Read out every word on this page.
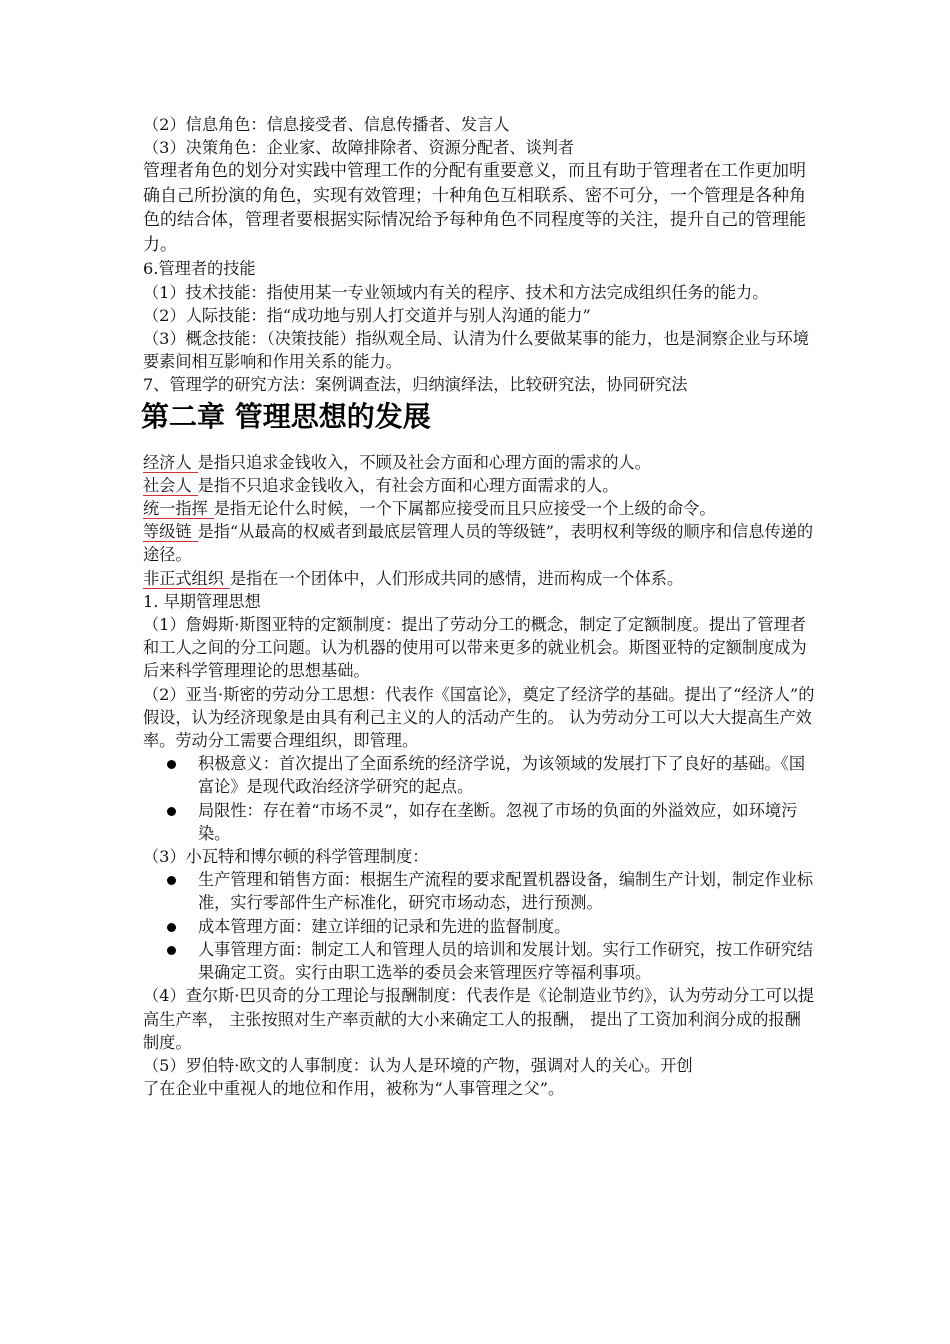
（2）信息角色：信息接受者、信息传播者、发言人

（3）决策角色：企业家、故障排除者、资源分配者、谈判者

管理者角色的划分对实践中管理工作的分配有重要意义，而且有助于管理者在工作更加明确自己所扮演的角色，实现有效管理；十种角色互相联系、密不可分，一个管理是各种角色的结合体，管理者要根据实际情况给予每种角色不同程度等的关注，提升自己的管理能力。

6.管理者的技能

（1）技术技能：指使用某一专业领域内有关的程序、技术和方法完成组织任务的能力。

（2）人际技能：指“成功地与别人打交道并与别人沟通的能力”

（3）概念技能：（决策技能）指纵观全局、认清为什么要做某事的能力，也是洞察企业与环境要素间相互影响和作用关系的能力。

7、管理学的研究方法：案例调查法，归纳演绎法，比较研究法，协同研究法

第二章 管理思想的发展

经济人 是指只追求金钱收入，不顾及社会方面和心理方面的需求的人。

社会人 是指不只追求金钱收入，有社会方面和心理方面需求的人。

统一指挥 是指无论什么时候，一个下属都应接受而且只应接受一个上级的命令。

等级链 是指“从最高的权威者到最底层管理人员的等级链”，表明权利等级的顺序和信息传递的途径。

非正式组织 是指在一个团体中，人们形成共同的感情，进而构成一个体系。

1. 早期管理思想

（1）詹姆斯·斯图亚特的定额制度：提出了劳动分工的概念，制定了定额制度。提出了管理者和工人之间的分工问题。认为机器的使用可以带来更多的就业机会。斯图亚特的定额制度成为后来科学管理理论的思想基础。

（2）亚当·斯密的劳动分工思想：代表作《国富论》，奠定了经济学的基础。提出了“经济人”的假设，认为经济现象是由具有利己主义的人的活动产生的。 认为劳动分工可以大大提高生产效率。劳动分工需要合理组织，即管理。

积极意义：首次提出了全面系统的经济学说，为该领域的发展打下了良好的基础。《国富论》是现代政治经济学研究的起点。
局限性：存在着“市场不灵”，如存在垄断。忽视了市场的负面的外溢效应，如环境污染。

（3）小瓦特和博尔顿的科学管理制度：

生产管理和销售方面：根据生产流程的要求配置机器设备，编制生产计划，制定作业标准，实行零部件生产标准化，研究市场动态，进行预测。
成本管理方面：建立详细的记录和先进的监督制度。
人事管理方面：制定工人和管理人员的培训和发展计划。实行工作研究，按工作研究结果确定工资。实行由职工选举的委员会来管理医疗等福利事项。

（4）查尔斯·巴贝奇的分工理论与报酬制度：代表作是《论制造业节约》，认为劳动分工可以提高生产率， 主张按照对生产率贡献的大小来确定工人的报酬， 提出了工资加利润分成的报酬制度。

（5）罗伯特·欧文的人事制度：认为人是环境的产物，强调对人的关心。开创

了在企业中重视人的地位和作用，被称为“人事管理之父”。
